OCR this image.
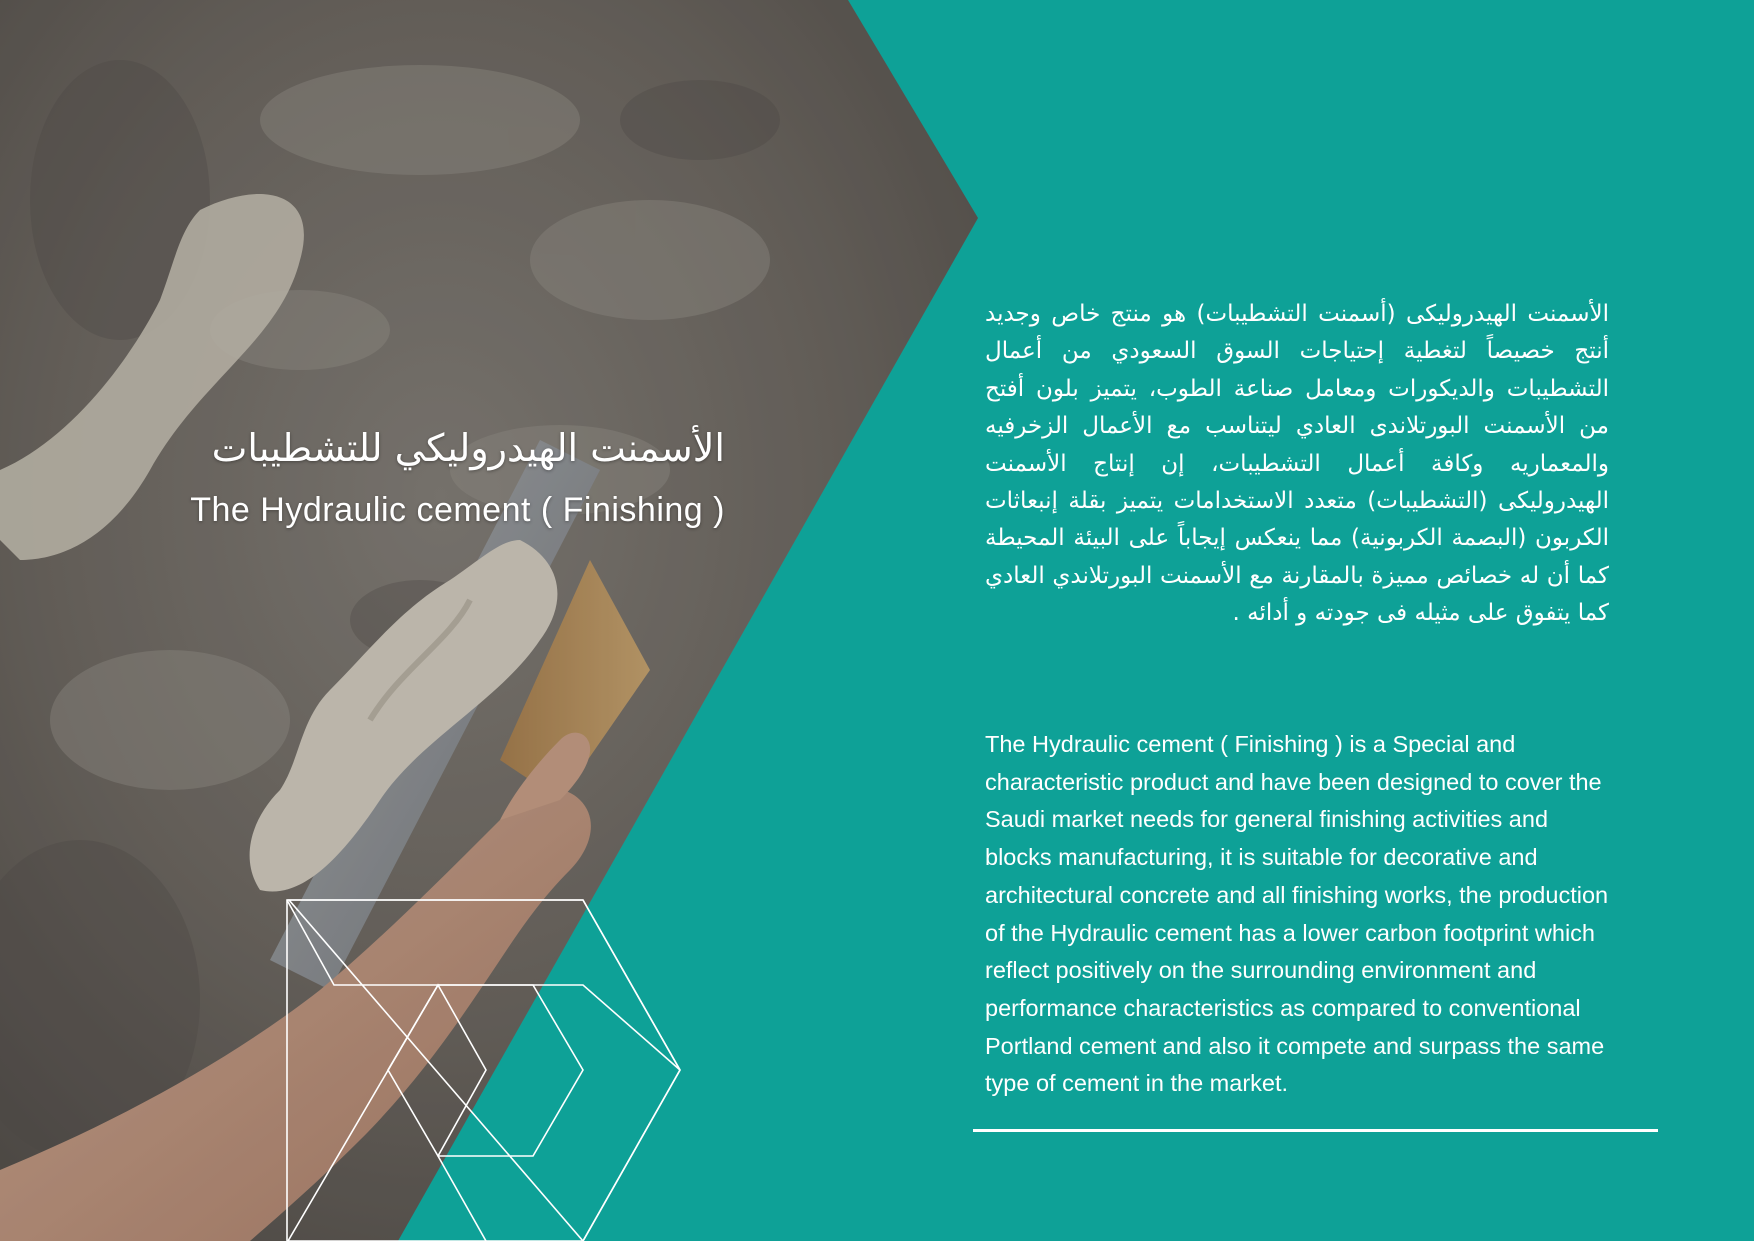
الأسمنت الهيدروليكي للتشطيبات
The Hydraulic cement ( Finishing )
الأسمنت الهيدروليكى (أسمنت التشطيبات) هو منتج خاص وجديد أنتج خصيصاً لتغطية إحتياجات السوق السعودي من أعمال التشطيبات والديكورات ومعامل صناعة الطوب، يتميز بلون أفتح من الأسمنت البورتلاندى العادي ليتناسب مع الأعمال الزخرفيه والمعماريه وكافة أعمال التشطيبات، إن إنتاج الأسمنت الهيدروليكى (التشطيبات) متعدد الاستخدامات يتميز بقلة إنبعاثات الكربون (البصمة الكربونية) مما ينعكس إيجاباً على البيئة المحيطة كما أن له خصائص مميزة بالمقارنة مع الأسمنت البورتلاندي العادي كما يتفوق على مثيله فى جودته و أدائه .
The Hydraulic cement ( Finishing ) is a Special and characteristic product and have been designed to cover the Saudi market needs for general finishing activities and blocks manufacturing, it is suitable for decorative and architectural concrete and all finishing works, the production of the Hydraulic cement has a lower carbon footprint which reflect positively on the surrounding environment and performance characteristics as compared to conventional Portland cement and also it compete and surpass the same type of cement in the market.
